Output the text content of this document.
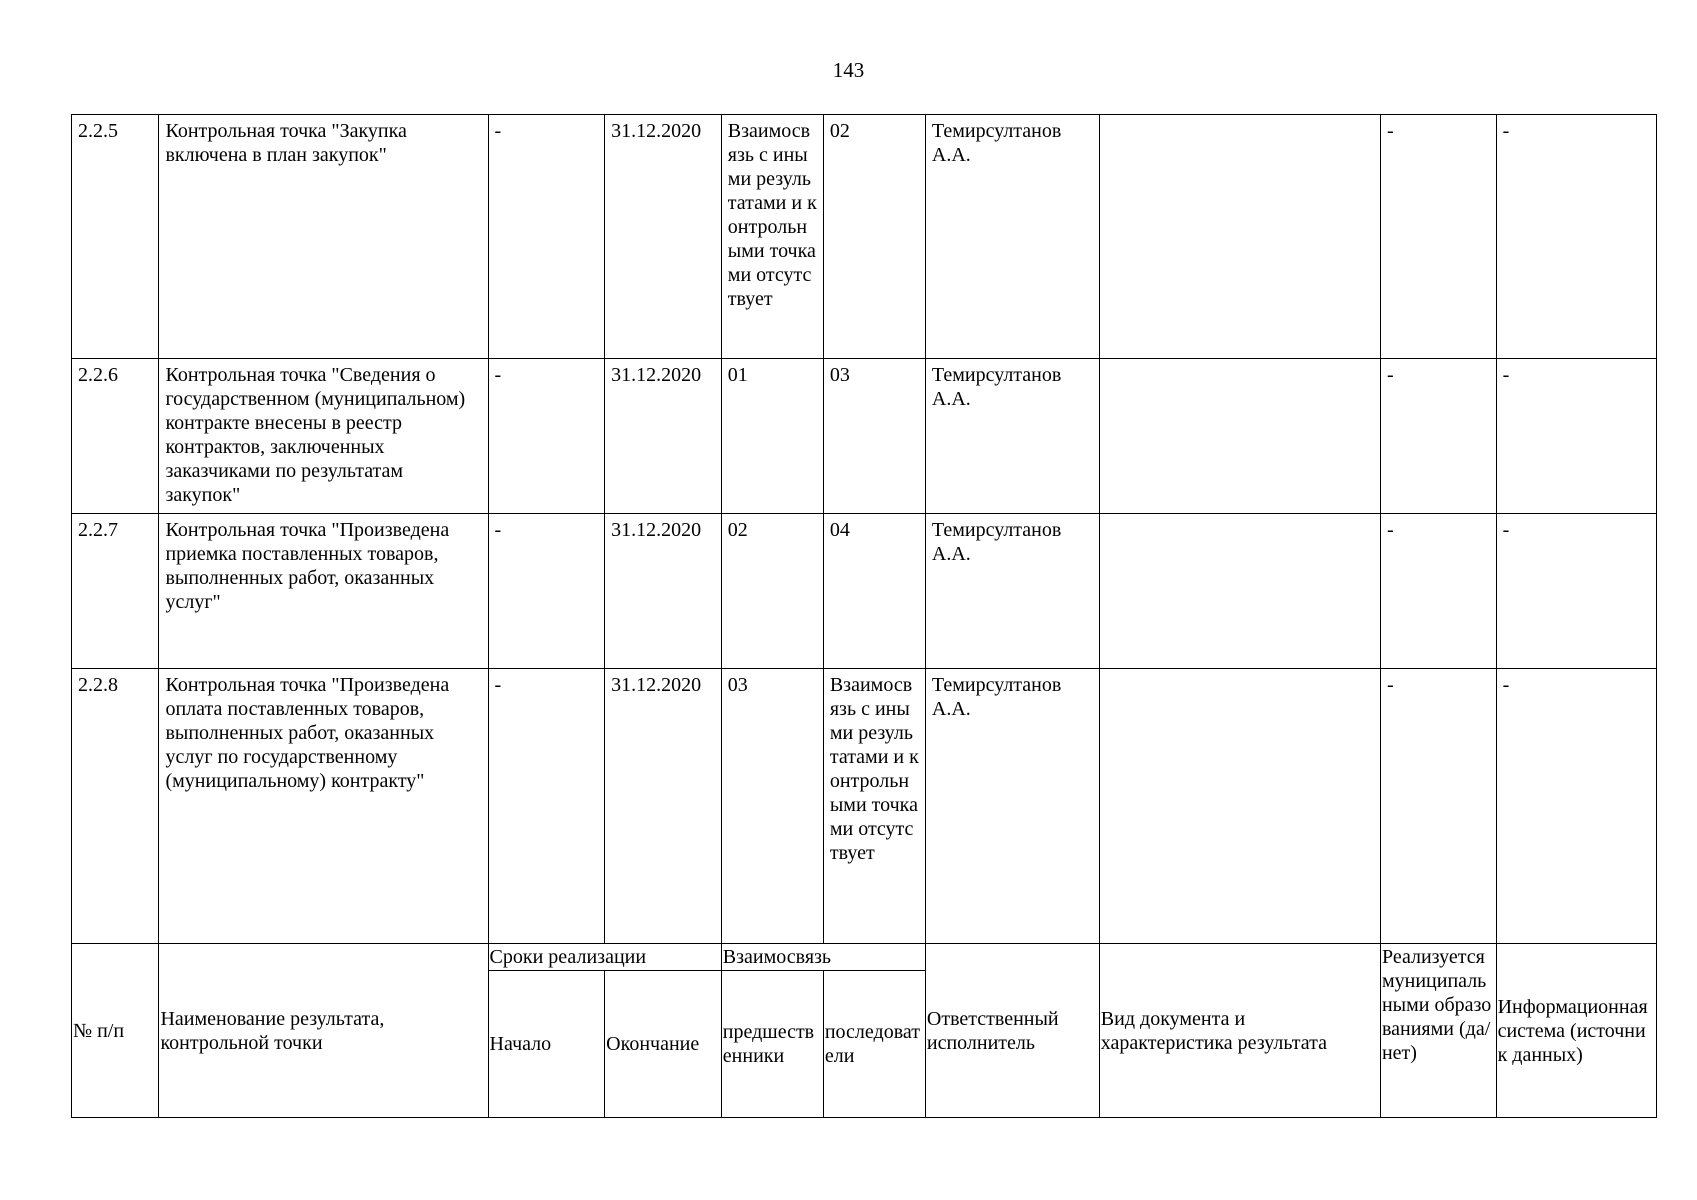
143
2.2.5	Контрольная точка "Закупка включена в план закупок"	-	31.12.2020	Взаимосвязь с иными результатами и контрольными точками отсутствует	02	Темирсултанов А.А.		-	-
2.2.6	Контрольная точка "Сведения о государственном (муниципальном) контракте внесены в реестр контрактов, заключенных заказчиками по результатам закупок"	-	31.12.2020	01	03	Темирсултанов А.А.		-	-
2.2.7	Контрольная точка "Произведена приемка поставленных товаров, выполненных работ, оказанных услуг"	-	31.12.2020	02	04	Темирсултанов А.А.		-	-
2.2.8	Контрольная точка "Произведена оплата поставленных товаров, выполненных работ, оказанных услуг по государственному (муниципальному) контракту"	-	31.12.2020	03	Взаимосвязь с иными результатами и контрольными точками отсутствует	Темирсултанов А.А.		-	-
№ п/п	Наименование результата, контрольной точки	Сроки реализации		Взаимосвязь		Ответственный исполнитель	Вид документа и характеристика результата	Реализуется муниципальными образованиями (да/нет)	Информационная система (источник данных)
		Начало	Окончание	предшественники	последователи				
